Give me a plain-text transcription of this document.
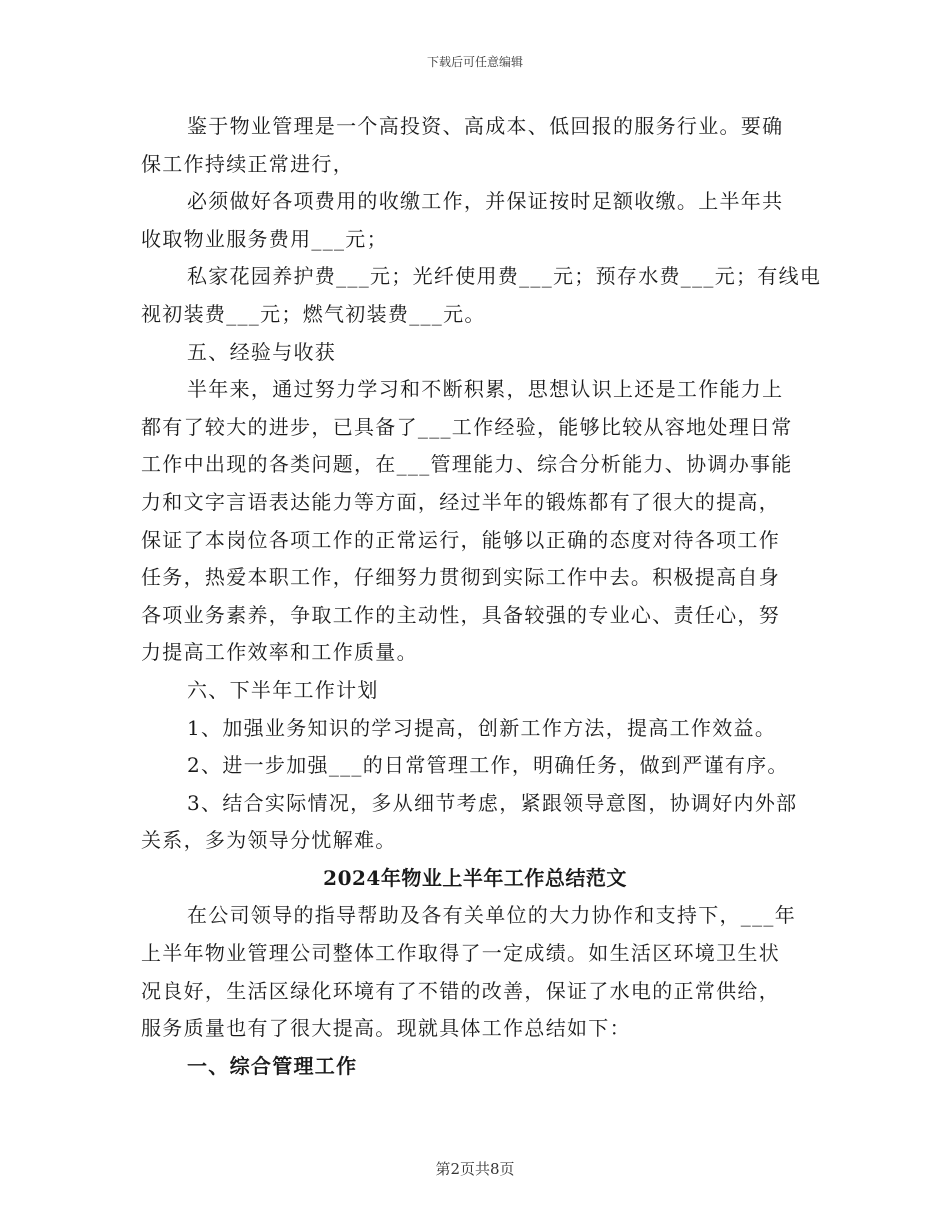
下载后可任意编辑
鉴于物业管理是一个高投资、高成本、低回报的服务行业。要确
保工作持续正常进行，
必须做好各项费用的收缴工作，并保证按时足额收缴。上半年共
收取物业服务费用___元；
私家花园养护费___元；光纤使用费___元；预存水费___元；有线电
视初装费___元；燃气初装费___元。
五、经验与收获
半年来，通过努力学习和不断积累，思想认识上还是工作能力上
都有了较大的进步，已具备了___工作经验，能够比较从容地处理日常
工作中出现的各类问题，在___管理能力、综合分析能力、协调办事能
力和文字言语表达能力等方面，经过半年的锻炼都有了很大的提高，
保证了本岗位各项工作的正常运行，能够以正确的态度对待各项工作
任务，热爱本职工作，仔细努力贯彻到实际工作中去。积极提高自身
各项业务素养，争取工作的主动性，具备较强的专业心、责任心，努
力提高工作效率和工作质量。
六、下半年工作计划
1、加强业务知识的学习提高，创新工作方法，提高工作效益。
2、进一步加强___的日常管理工作，明确任务，做到严谨有序。
3、结合实际情况，多从细节考虑，紧跟领导意图，协调好内外部
关系，多为领导分忧解难。
2024年物业上半年工作总结范文
在公司领导的指导帮助及各有关单位的大力协作和支持下，___年
上半年物业管理公司整体工作取得了一定成绩。如生活区环境卫生状
况良好，生活区绿化环境有了不错的改善，保证了水电的正常供给，
服务质量也有了很大提高。现就具体工作总结如下：
一、综合管理工作
第2页共8页
